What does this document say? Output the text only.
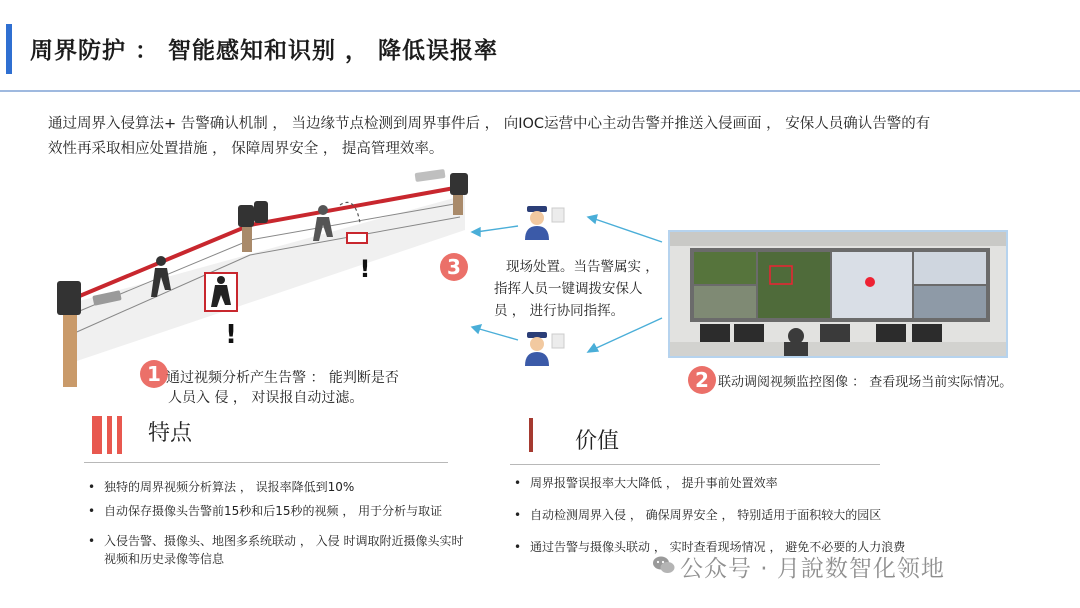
周界防护 ： 智能感知和识别 ， 降低误报率
通过周界入侵算法+ 告警确认机制 ， 当边缘节点检测到周界事件后 ， 向IOC运营中心主动告警并推送入侵画面 ， 安保人员确认告警的有
效性再采取相应处置措施 ， 保障周界安全 ， 提高管理效率。
!
!
1 通过视频分析产生告警 ： 能判断是否
人员入 侵 ， 对误报自动过滤。
3	现场处置。当告警属实 ，
指挥人员一键调拨安保人
员 ， 进行协同指挥。
2 联动调阅视频监控图像 ： 查看现场当前实际情况。
特点
• 独特的周界视频分析算法 ， 误报率降低到10%
• 自动保存摄像头告警前15秒和后15秒的视频 ， 用于分析与取证
• 入侵告警、摄像头、地图多系统联动 ， 入侵 时调取附近摄像头实时
视频和历史录像等信息
价值
• 周界报警误报率大大降低 ， 提升事前处置效率
• 自动检测周界入侵 ， 确保周界安全 ， 特别适用于面积较大的园区
• 通过告警与摄像头联动 ， 实时查看现场情况 ， 避免不必要的人力浪费
公众号 · 月說数智化领地
